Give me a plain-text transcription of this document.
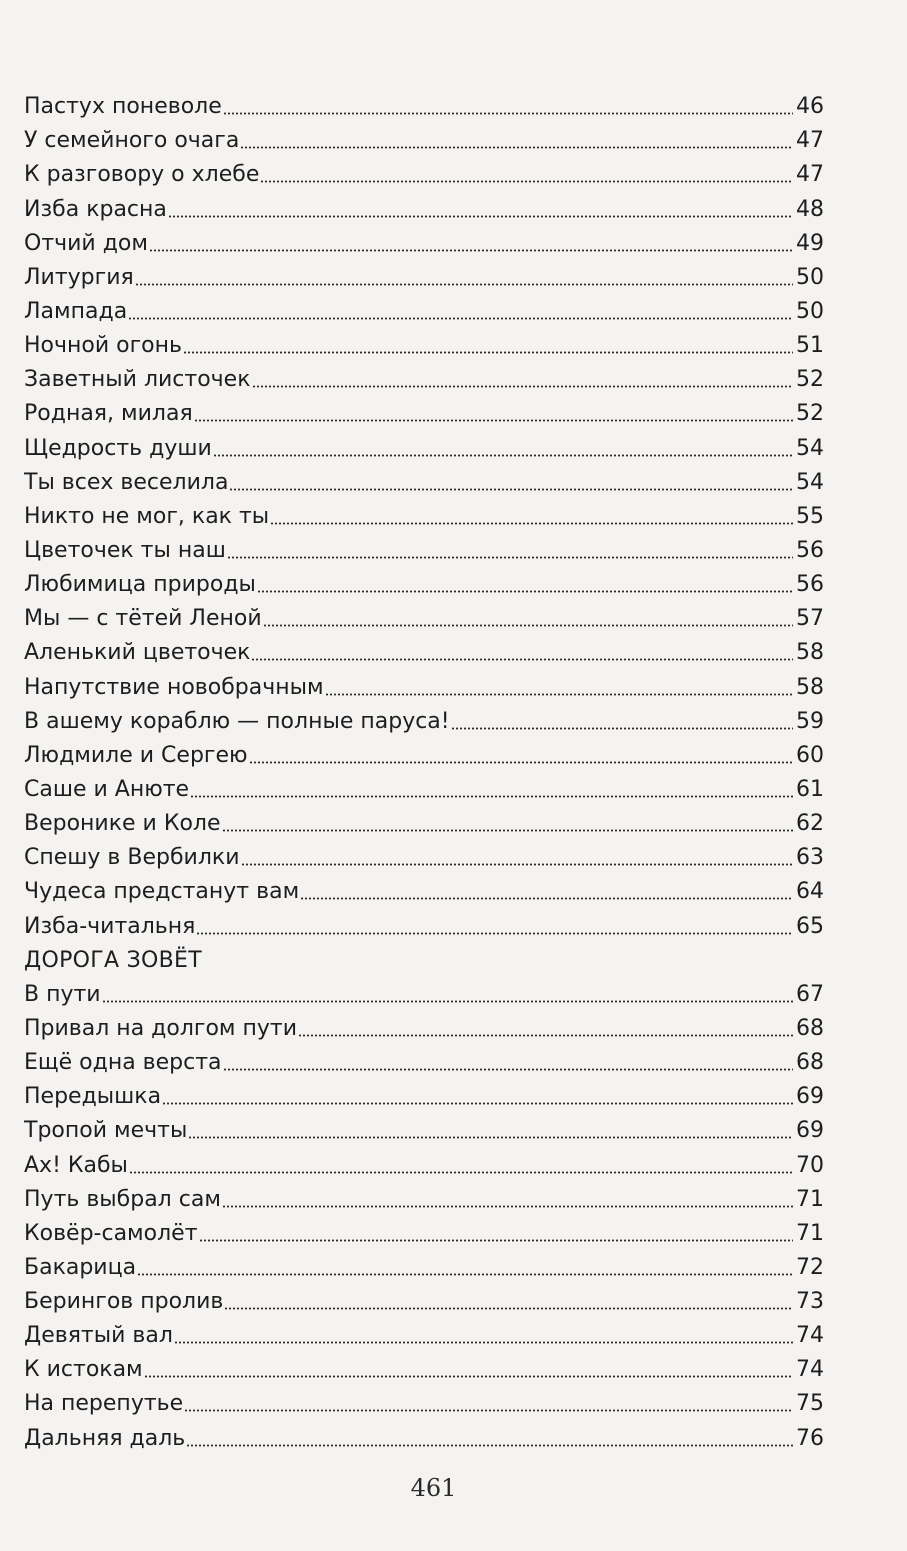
Пастух поневоле	46
У семейного очага	47
К разговору о хлебе	47
Изба красна	48
Отчий дом	49
Литургия	50
Лампада	50
Ночной огонь	51
Заветный листочек	52
Родная, милая	52
Щедрость души	54
Ты всех веселила	54
Никто не мог, как ты	55
Цветочек ты наш	56
Любимица природы	56
Мы — с тётей Леной	57
Аленький цветочек	58
Напутствие новобрачным	58
В ашему кораблю — полные паруса!	59
Людмиле и Сергею	60
Саше и Анюте	61
Веронике и Коле	62
Спешу в Вербилки	63
Чудеса предстанут вам	64
Изба-читальня	65
ДОРОГА ЗОВЁТ
В пути	67
Привал на долгом пути	68
Ещё одна верста	68
Передышка	69
Тропой мечты	69
Ах! Кабы	70
Путь выбрал сам	71
Ковёр-самолёт	71
Бакарица	72
Берингов пролив	73
Девятый вал	74
К истокам	74
На перепутье	75
Дальняя даль	76
461
